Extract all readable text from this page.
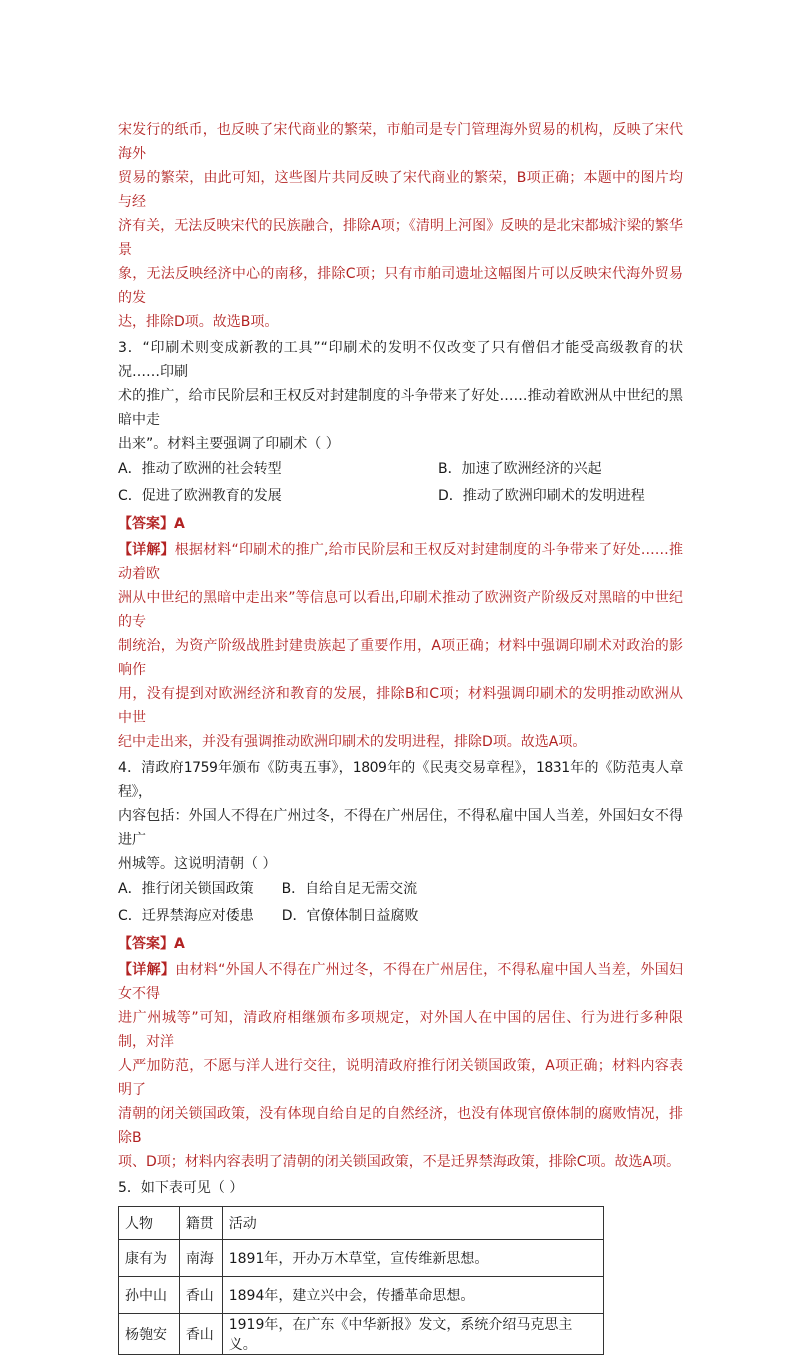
宋发行的纸币，也反映了宋代商业的繁荣，市舶司是专门管理海外贸易的机构，反映了宋代海外

贸易的繁荣，由此可知，这些图片共同反映了宋代商业的繁荣，B项正确；本题中的图片均与经

济有关，无法反映宋代的民族融合，排除A项；《清明上河图》反映的是北宋都城汴梁的繁华景

象，无法反映经济中心的南移，排除C项；只有市舶司遗址这幅图片可以反映宋代海外贸易的发

达，排除D项。故选B项。

3．“印刷术则变成新教的工具”“印刷术的发明不仅改变了只有僧侣才能受高级教育的状况……印刷

术的推广，给市民阶层和王权反对封建制度的斗争带来了好处……推动着欧洲从中世纪的黑暗中走

出来”。材料主要强调了印刷术（ ）

A．推动了欧洲的社会转型	B．加速了欧洲经济的兴起
C．促进了欧洲教育的发展	D．推动了欧洲印刷术的发明进程
【答案】A

【详解】根据材料“印刷术的推广,给市民阶层和王权反对封建制度的斗争带来了好处……推动着欧

洲从中世纪的黑暗中走出来”等信息可以看出,印刷术推动了欧洲资产阶级反对黑暗的中世纪的专

制统治，为资产阶级战胜封建贵族起了重要作用，A项正确；材料中强调印刷术对政治的影响作

用，没有提到对欧洲经济和教育的发展，排除B和C项；材料强调印刷术的发明推动欧洲从中世

纪中走出来，并没有强调推动欧洲印刷术的发明进程，排除D项。故选A项。

4．清政府1759年颁布《防夷五事》，1809年的《民夷交易章程》，1831年的《防范夷人章程》，

内容包括：外国人不得在广州过冬，不得在广州居住，不得私雇中国人当差，外国妇女不得进广

州城等。这说明清朝（ ）

A．推行闭关锁国政策 B．自给自足无需交流
C．迁界禁海应对倭患 D．官僚体制日益腐败
【答案】A

【详解】由材料“外国人不得在广州过冬，不得在广州居住，不得私雇中国人当差，外国妇女不得

进广州城等”可知，清政府相继颁布多项规定，对外国人在中国的居住、行为进行多种限制，对洋

人严加防范，不愿与洋人进行交往，说明清政府推行闭关锁国政策，A项正确；材料内容表明了

清朝的闭关锁国政策，没有体现自给自足的自然经济，也没有体现官僚体制的腐败情况，排除B

项、D项；材料内容表明了清朝的闭关锁国政策，不是迁界禁海政策，排除C项。故选A项。

5．如下表可见（ ）

人物	籍贯	活动
康有为	南海	1891年，开办万木草堂，宣传维新思想。
孙中山	香山	1894年，建立兴中会，传播革命思想。
杨匏安	香山	1919年，在广东《中华新报》发文，系统介绍马克思主义。
